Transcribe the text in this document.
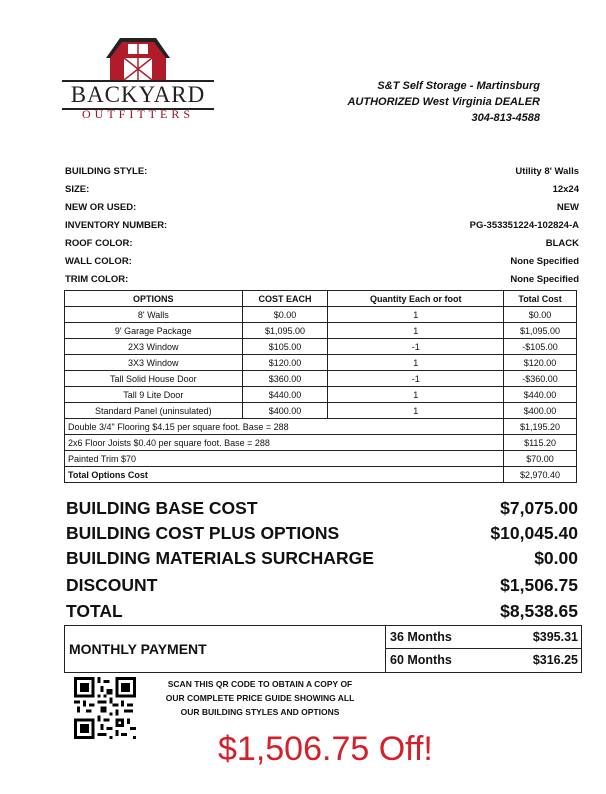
BACKYARD
OUTFITTERS
S&T Self Storage - Martinsburg
AUTHORIZED West Virginia DEALER
304-813-4588
BUILDING STYLE:	Utility 8' Walls
SIZE:	12x24
NEW OR USED:	NEW
INVENTORY NUMBER:	PG-353351224-102824-A
ROOF COLOR:	BLACK
WALL COLOR:	None Specified
TRIM COLOR:	None Specified
OPTIONS	COST EACH	Quantity Each or foot	Total Cost
8' Walls	$0.00	1	$0.00
9' Garage Package	$1,095.00	1	$1,095.00
2X3 Window	$105.00	-1	-$105.00
3X3 Window	$120.00	1	$120.00
Tall Solid House Door	$360.00	-1	-$360.00
Tall 9 Lite Door	$440.00	1	$440.00
Standard Panel (uninsulated)	$400.00	1	$400.00
Double 3/4" Flooring $4.15 per square foot. Base = 288			$1,195.20
2x6 Floor Joists $0.40 per square foot. Base = 288			$115.20
Painted Trim $70			$70.00
Total Options Cost			$2,970.40
BUILDING BASE COST	$7,075.00
BUILDING COST PLUS OPTIONS	$10,045.40
BUILDING MATERIALS SURCHARGE	$0.00
DISCOUNT	$1,506.75
TOTAL	$8,538.65
MONTHLY PAYMENT
36 Months	$395.31
60 Months	$316.25
SCAN THIS QR CODE TO OBTAIN A COPY OF
OUR COMPLETE PRICE GUIDE SHOWING ALL
OUR BUILDING STYLES AND OPTIONS
$1,506.75 Off!
